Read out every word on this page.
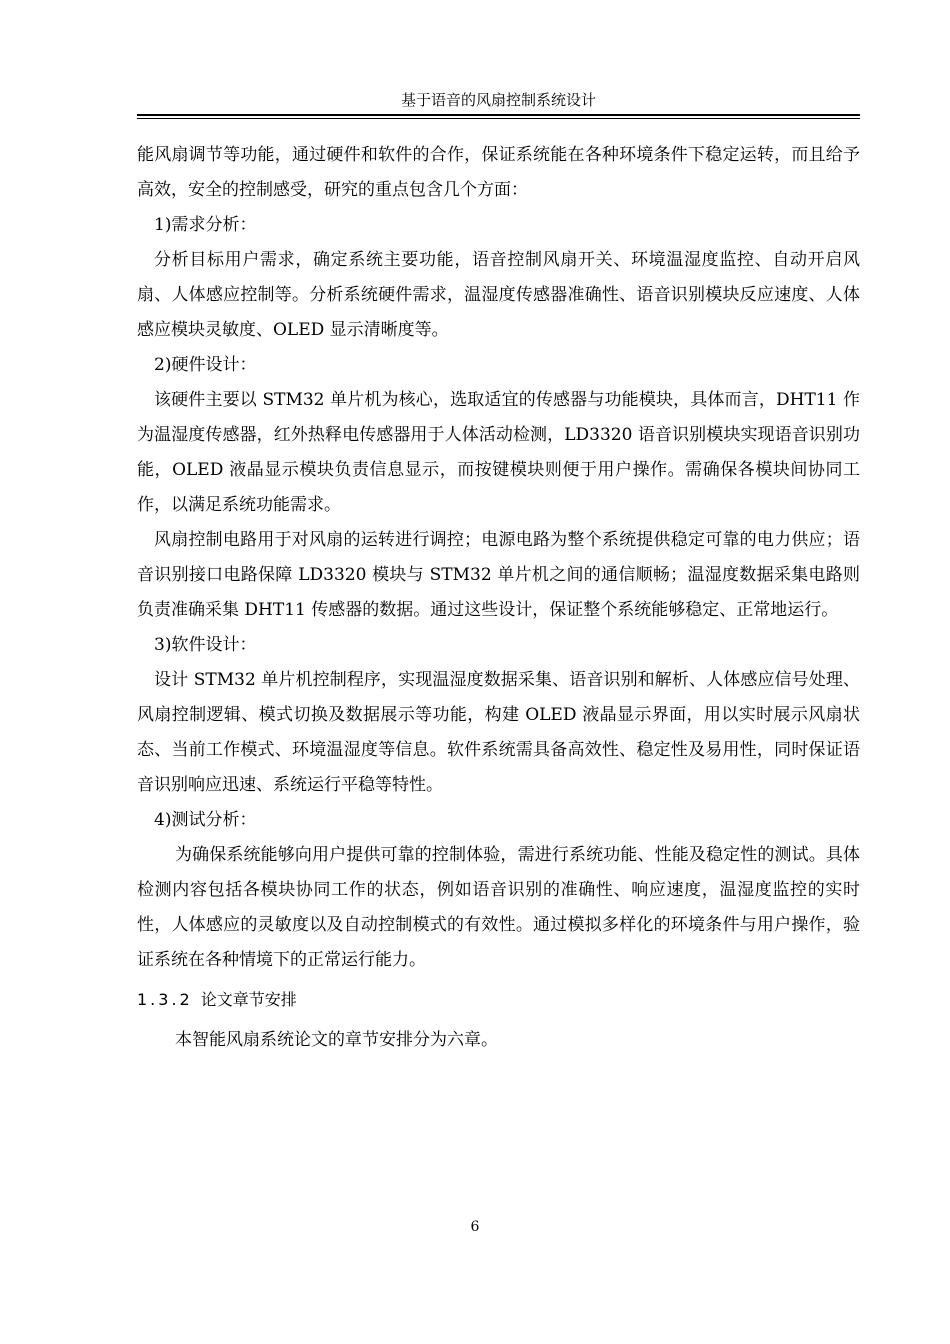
基于语音的风扇控制系统设计

能风扇调节等功能，通过硬件和软件的合作，保证系统能在各种环境条件下稳定运转，而且给予高效，安全的控制感受，研究的重点包含几个方面：

1)需求分析：

分析目标用户需求，确定系统主要功能，语音控制风扇开关、环境温湿度监控、自动开启风扇、人体感应控制等。分析系统硬件需求，温湿度传感器准确性、语音识别模块反应速度、人体感应模块灵敏度、OLED 显示清晰度等。

2)硬件设计：

该硬件主要以 STM32 单片机为核心，选取适宜的传感器与功能模块，具体而言，DHT11 作为温湿度传感器，红外热释电传感器用于人体活动检测，LD3320 语音识别模块实现语音识别功能，OLED 液晶显示模块负责信息显示，而按键模块则便于用户操作。需确保各模块间协同工作，以满足系统功能需求。

风扇控制电路用于对风扇的运转进行调控；电源电路为整个系统提供稳定可靠的电力供应；语音识别接口电路保障 LD3320 模块与 STM32 单片机之间的通信顺畅；温湿度数据采集电路则负责准确采集 DHT11 传感器的数据。通过这些设计，保证整个系统能够稳定、正常地运行。

3)软件设计：

设计 STM32 单片机控制程序，实现温湿度数据采集、语音识别和解析、人体感应信号处理、风扇控制逻辑、模式切换及数据展示等功能，构建 OLED 液晶显示界面，用以实时展示风扇状态、当前工作模式、环境温湿度等信息。软件系统需具备高效性、稳定性及易用性，同时保证语音识别响应迅速、系统运行平稳等特性。

4)测试分析：

为确保系统能够向用户提供可靠的控制体验，需进行系统功能、性能及稳定性的测试。具体检测内容包括各模块协同工作的状态，例如语音识别的准确性、响应速度，温湿度监控的实时性，人体感应的灵敏度以及自动控制模式的有效性。通过模拟多样化的环境条件与用户操作，验证系统在各种情境下的正常运行能力。

1.3.2 论文章节安排

本智能风扇系统论文的章节安排分为六章。

6
